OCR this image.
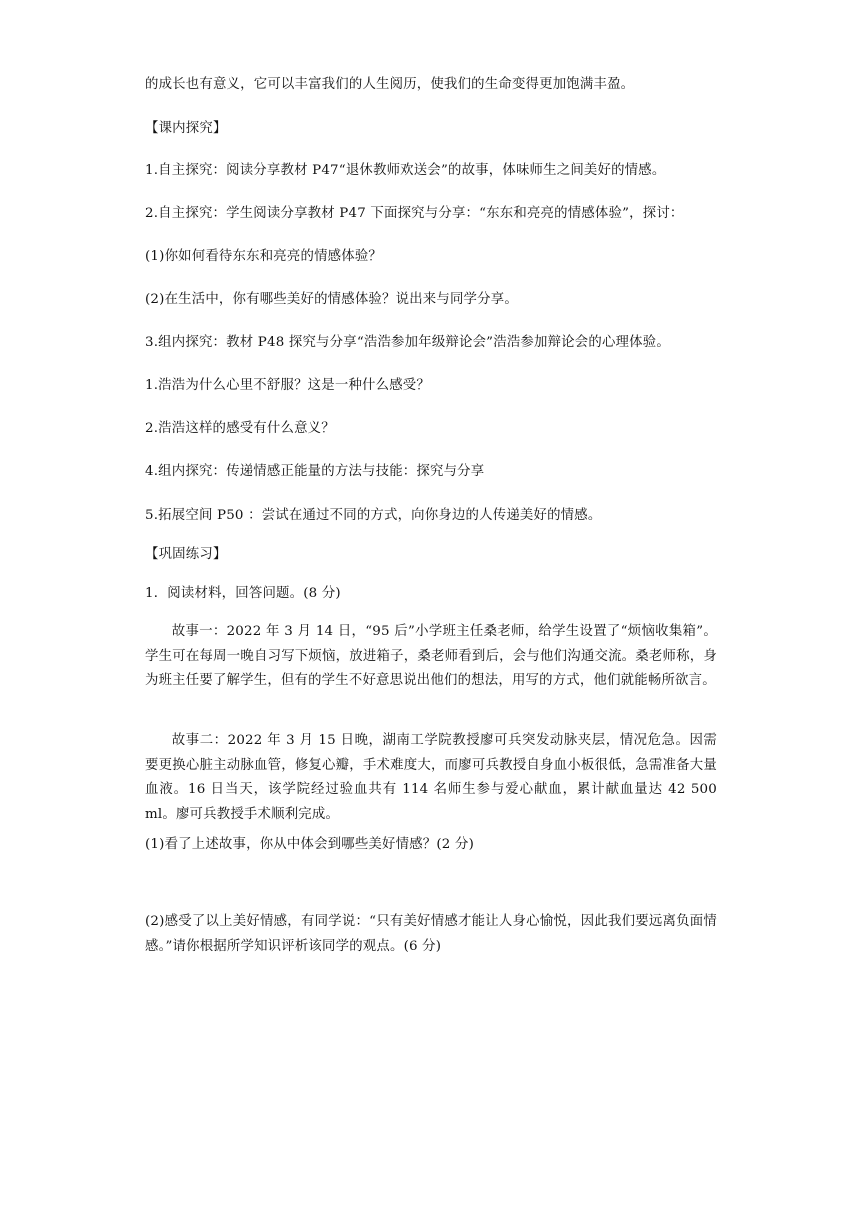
的成长也有意义，它可以丰富我们的人生阅历，使我们的生命变得更加饱满丰盈。
【课内探究】
1.自主探究：阅读分享教材 P47“退休教师欢送会”的故事，体味师生之间美好的情感。
2.自主探究：学生阅读分享教材 P47 下面探究与分享：“东东和亮亮的情感体验”，探讨：
(1)你如何看待东东和亮亮的情感体验？
(2)在生活中，你有哪些美好的情感体验？说出来与同学分享。
3.组内探究：教材 P48 探究与分享“浩浩参加年级辩论会”浩浩参加辩论会的心理体验。
1.浩浩为什么心里不舒服？这是一种什么感受？
2.浩浩这样的感受有什么意义？
4.组内探究：传递情感正能量的方法与技能：探究与分享
5.拓展空间 P50 ：尝试在通过不同的方式，向你身边的人传递美好的情感。
【巩固练习】
1．阅读材料，回答问题。(8 分)
故事一：2022 年 3 月 14 日，“95 后”小学班主任桑老师，给学生设置了“烦恼收集箱”。学生可在每周一晚自习写下烦恼，放进箱子，桑老师看到后，会与他们沟通交流。桑老师称，身为班主任要了解学生，但有的学生不好意思说出他们的想法，用写的方式，他们就能畅所欲言。
故事二：2022 年 3 月 15 日晚，湖南工学院教授廖可兵突发动脉夹层，情况危急。因需要更换心脏主动脉血管，修复心瓣，手术难度大，而廖可兵教授自身血小板很低，急需准备大量血液。16 日当天，该学院经过验血共有 114 名师生参与爱心献血，累计献血量达 42 500 ml。廖可兵教授手术顺利完成。
(1)看了上述故事，你从中体会到哪些美好情感？(2 分)
(2)感受了以上美好情感，有同学说：“只有美好情感才能让人身心愉悦，因此我们要远离负面情感。”请你根据所学知识评析该同学的观点。(6 分)
